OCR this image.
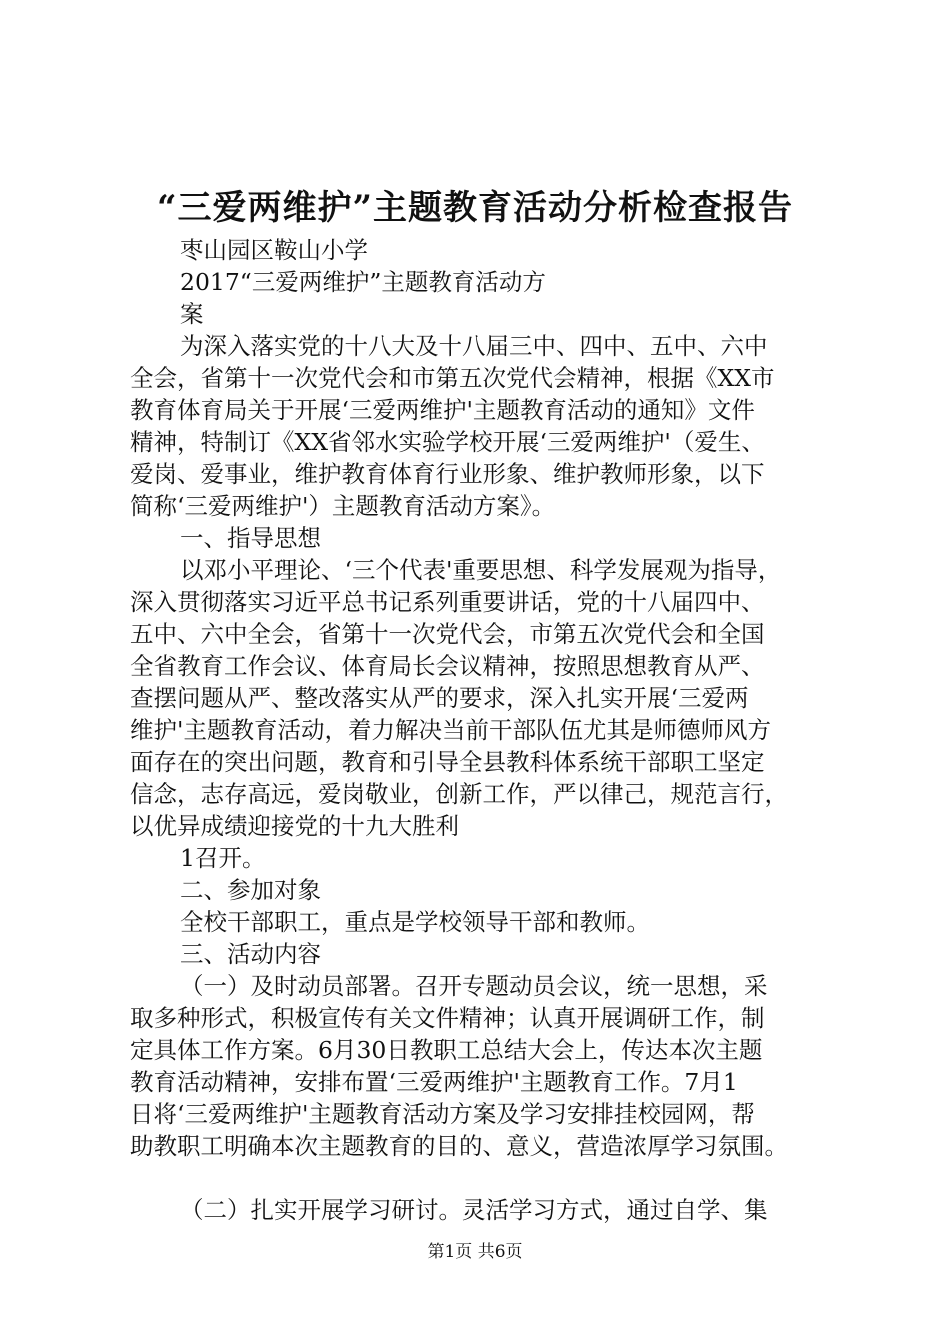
“三爱两维护”主题教育活动分析检查报告
枣山园区鞍山小学
2017“三爱两维护”主题教育活动方
案
为深入落实党的十八大及十八届三中、四中、五中、六中
全会，省第十一次党代会和市第五次党代会精神，根据《XX市
教育体育局关于开展‘三爱两维护'主题教育活动的通知》文件
精神，特制订《XX省邻水实验学校开展‘三爱两维护'（爱生、
爱岗、爱事业，维护教育体育行业形象、维护教师形象，以下
简称‘三爱两维护'）主题教育活动方案》。
一、指导思想
以邓小平理论、‘三个代表'重要思想、科学发展观为指导，
深入贯彻落实习近平总书记系列重要讲话，党的十八届四中、
五中、六中全会，省第十一次党代会，市第五次党代会和全国
全省教育工作会议、体育局长会议精神，按照思想教育从严、
查摆问题从严、整改落实从严的要求，深入扎实开展‘三爱两
维护'主题教育活动，着力解决当前干部队伍尤其是师德师风方
面存在的突出问题，教育和引导全县教科体系统干部职工坚定
信念，志存高远，爱岗敬业，创新工作，严以律己，规范言行，
以优异成绩迎接党的十九大胜利
1召开。
二、参加对象
全校干部职工，重点是学校领导干部和教师。
三、活动内容
（一）及时动员部署。召开专题动员会议，统一思想，采
取多种形式，积极宣传有关文件精神；认真开展调研工作，制
定具体工作方案。6月30日教职工总结大会上，传达本次主题
教育活动精神，安排布置‘三爱两维护'主题教育工作。7月1
日将‘三爱两维护'主题教育活动方案及学习安排挂校园网，帮
助教职工明确本次主题教育的目的、意义，营造浓厚学习氛围。
（二）扎实开展学习研讨。灵活学习方式，通过自学、集
第1页 共6页
